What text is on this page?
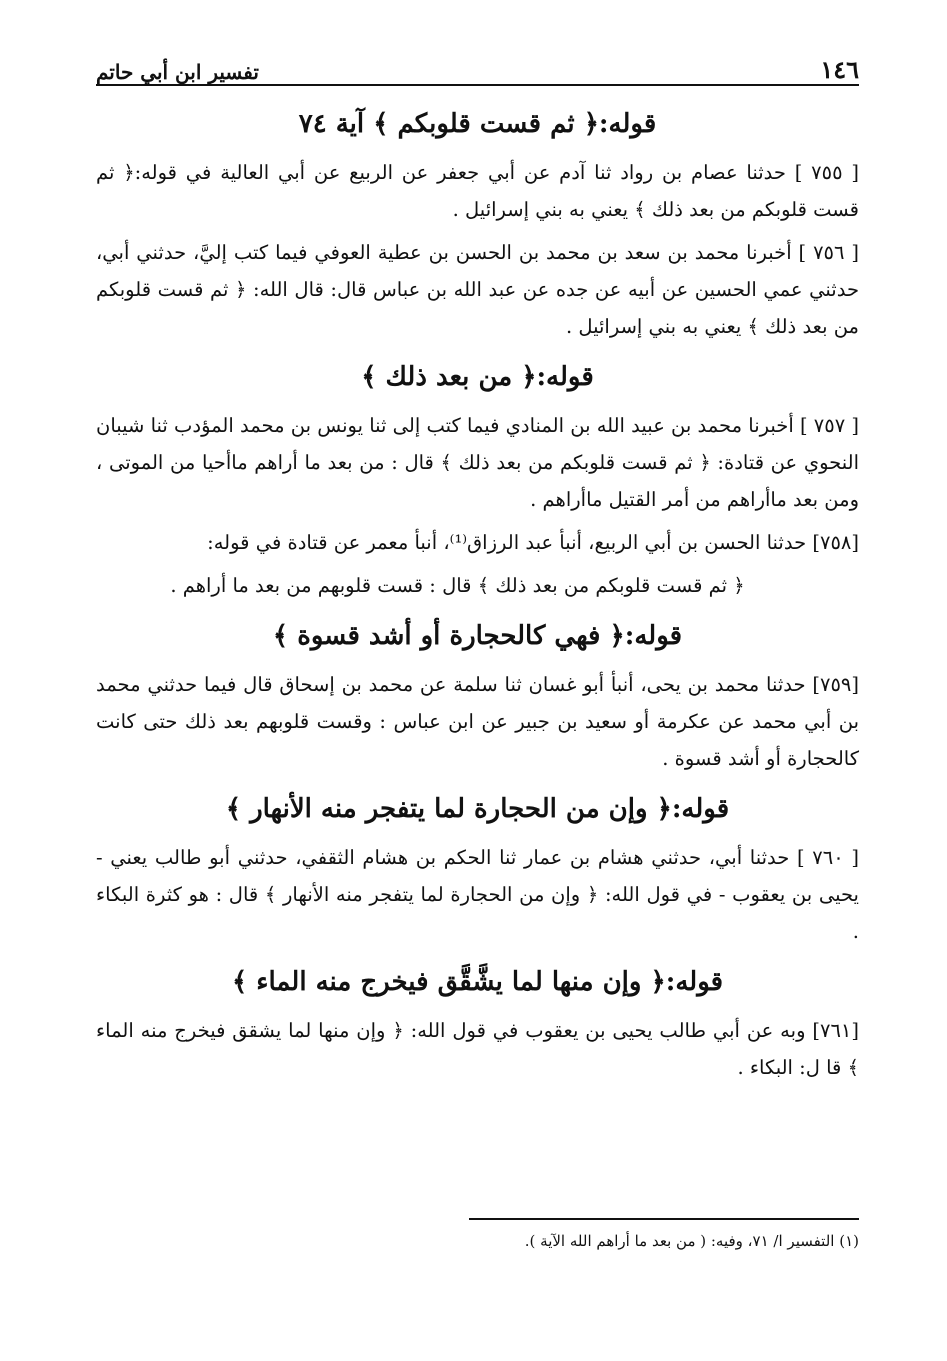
١٤٦
تفسير ابن أبي حاتم
قوله:﴿ ثم قست قلوبكم ﴾ آية ٧٤

[ ٧٥٥ ] حدثنا عصام بن رواد ثنا آدم عن أبي جعفر عن الربيع عن أبي العالية في قوله:﴿ ثم قست قلوبكم من بعد ذلك ﴾ يعني به بني إسرائيل .

[ ٧٥٦ ] أخبرنا محمد بن سعد بن محمد بن الحسن بن عطية العوفي فيما كتب إليَّ، حدثني أبي، حدثني عمي الحسين عن أبيه عن جده عن عبد الله بن عباس قال: قال الله: ﴿ ثم قست قلوبكم من بعد ذلك ﴾ يعني به بني إسرائيل .

قوله:﴿ من بعد ذلك ﴾

[ ٧٥٧ ] أخبرنا محمد بن عبيد الله بن المنادي فيما كتب إلى ثنا يونس بن محمد المؤدب ثنا شيبان النحوي عن قتادة: ﴿ ثم قست قلوبكم من بعد ذلك ﴾ قال : من بعد ما أراهم ماأحيا من الموتى ، ومن بعد ماأراهم من أمر القتيل ماأراهم .

[٧٥٨] حدثنا الحسن بن أبي الربيع، أنبأ عبد الرزاق⁽¹⁾، أنبأ معمر عن قتادة في قوله:

﴿ ثم قست قلوبكم من بعد ذلك ﴾ قال : قست قلوبهم من بعد ما أراهم .

قوله:﴿ فهي كالحجارة أو أشد قسوة ﴾

[٧٥٩] حدثنا محمد بن يحى، أنبأ أبو غسان ثنا سلمة عن محمد بن إسحاق قال فيما حدثني محمد بن أبي محمد عن عكرمة أو سعيد بن جبير عن ابن عباس : وقست قلوبهم بعد ذلك حتى كانت كالحجارة أو أشد قسوة .

قوله:﴿ وإن من الحجارة لما يتفجر منه الأنهار ﴾

[ ٧٦٠ ] حدثنا أبي، حدثني هشام بن عمار ثنا الحكم بن هشام الثقفي، حدثني أبو طالب يعني - يحيى بن يعقوب - في قول الله: ﴿ وإن من الحجارة لما يتفجر منه الأنهار ﴾ قال : هو كثرة البكاء .

قوله:﴿ وإن منها لما يشَّقَّق فيخرج منه الماء ﴾

[٧٦١] وبه عن أبي طالب يحيى بن يعقوب في قول الله: ﴿ وإن منها لما يشقق فيخرج منه الماء ﴾ قا ل: البكاء .

(١) التفسير ا/ ٧١، وفيه: ( من بعد ما أراهم الله الآية ).
